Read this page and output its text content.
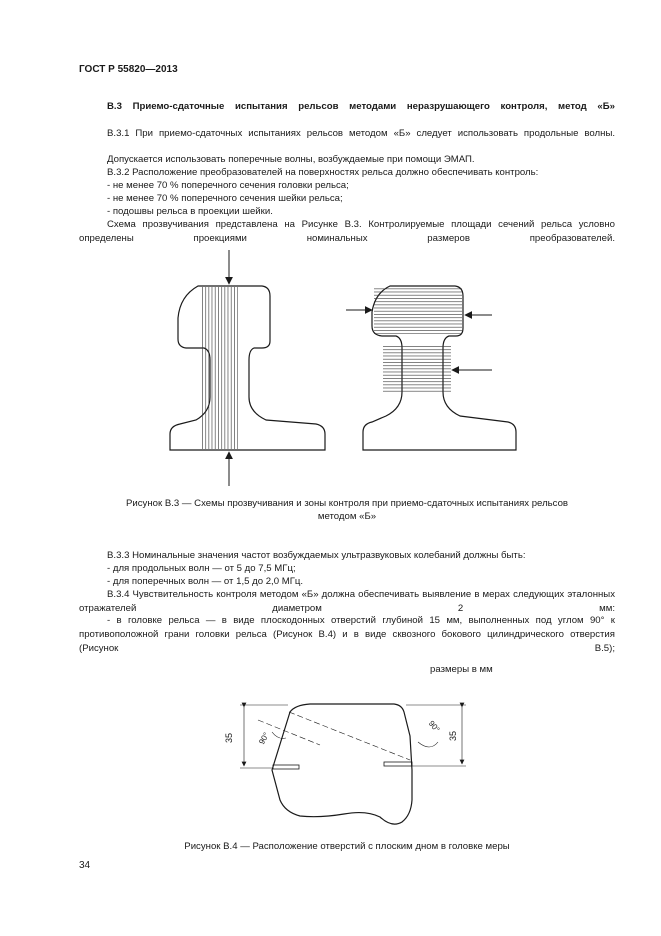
ГОСТ Р 55820—2013

B.3 Приемо-сдаточные испытания рельсов методами неразрушающего контроля, метод «Б»

В.3.1 При приемо-сдаточных испытаниях рельсов методом «Б» следует использовать продольные волны.

Допускается использовать поперечные волны, возбуждаемые при помощи ЭМАП.

В.3.2 Расположение преобразователей на поверхностях рельса должно обеспечивать контроль:

- не менее 70 % поперечного сечения головки рельса;

- не менее 70 % поперечного сечения шейки рельса;

- подошвы рельса в проекции шейки.

Схема прозвучивания представлена на Рисунке В.3. Контролируемые площади сечений рельса условно определены проекциями номинальных размеров преобразователей.

Рисунок В.3 — Схемы прозвучивания и зоны контроля при приемо-сдаточных испытаниях рельсов

методом «Б»

В.3.3 Номинальные значения частот возбуждаемых ультразвуковых колебаний должны быть:

- для продольных волн — от 5 до 7,5 МГц;

- для поперечных волн — от 1,5 до 2,0 МГц.

В.3.4 Чувствительность контроля методом «Б» должна обеспечивать выявление в мерах следующих эталонных отражателей диаметром 2 мм:

- в головке рельса — в виде плоскодонных отверстий глубиной 15 мм, выполненных под углом 90° к противоположной грани головки рельса (Рисунок В.4) и в виде сквозного бокового цилиндрического отверстия (Рисунок В.5);

размеры в мм
35	35
90°
90°

Рисунок В.4 — Расположение отверстий с плоским дном в головке меры

34
